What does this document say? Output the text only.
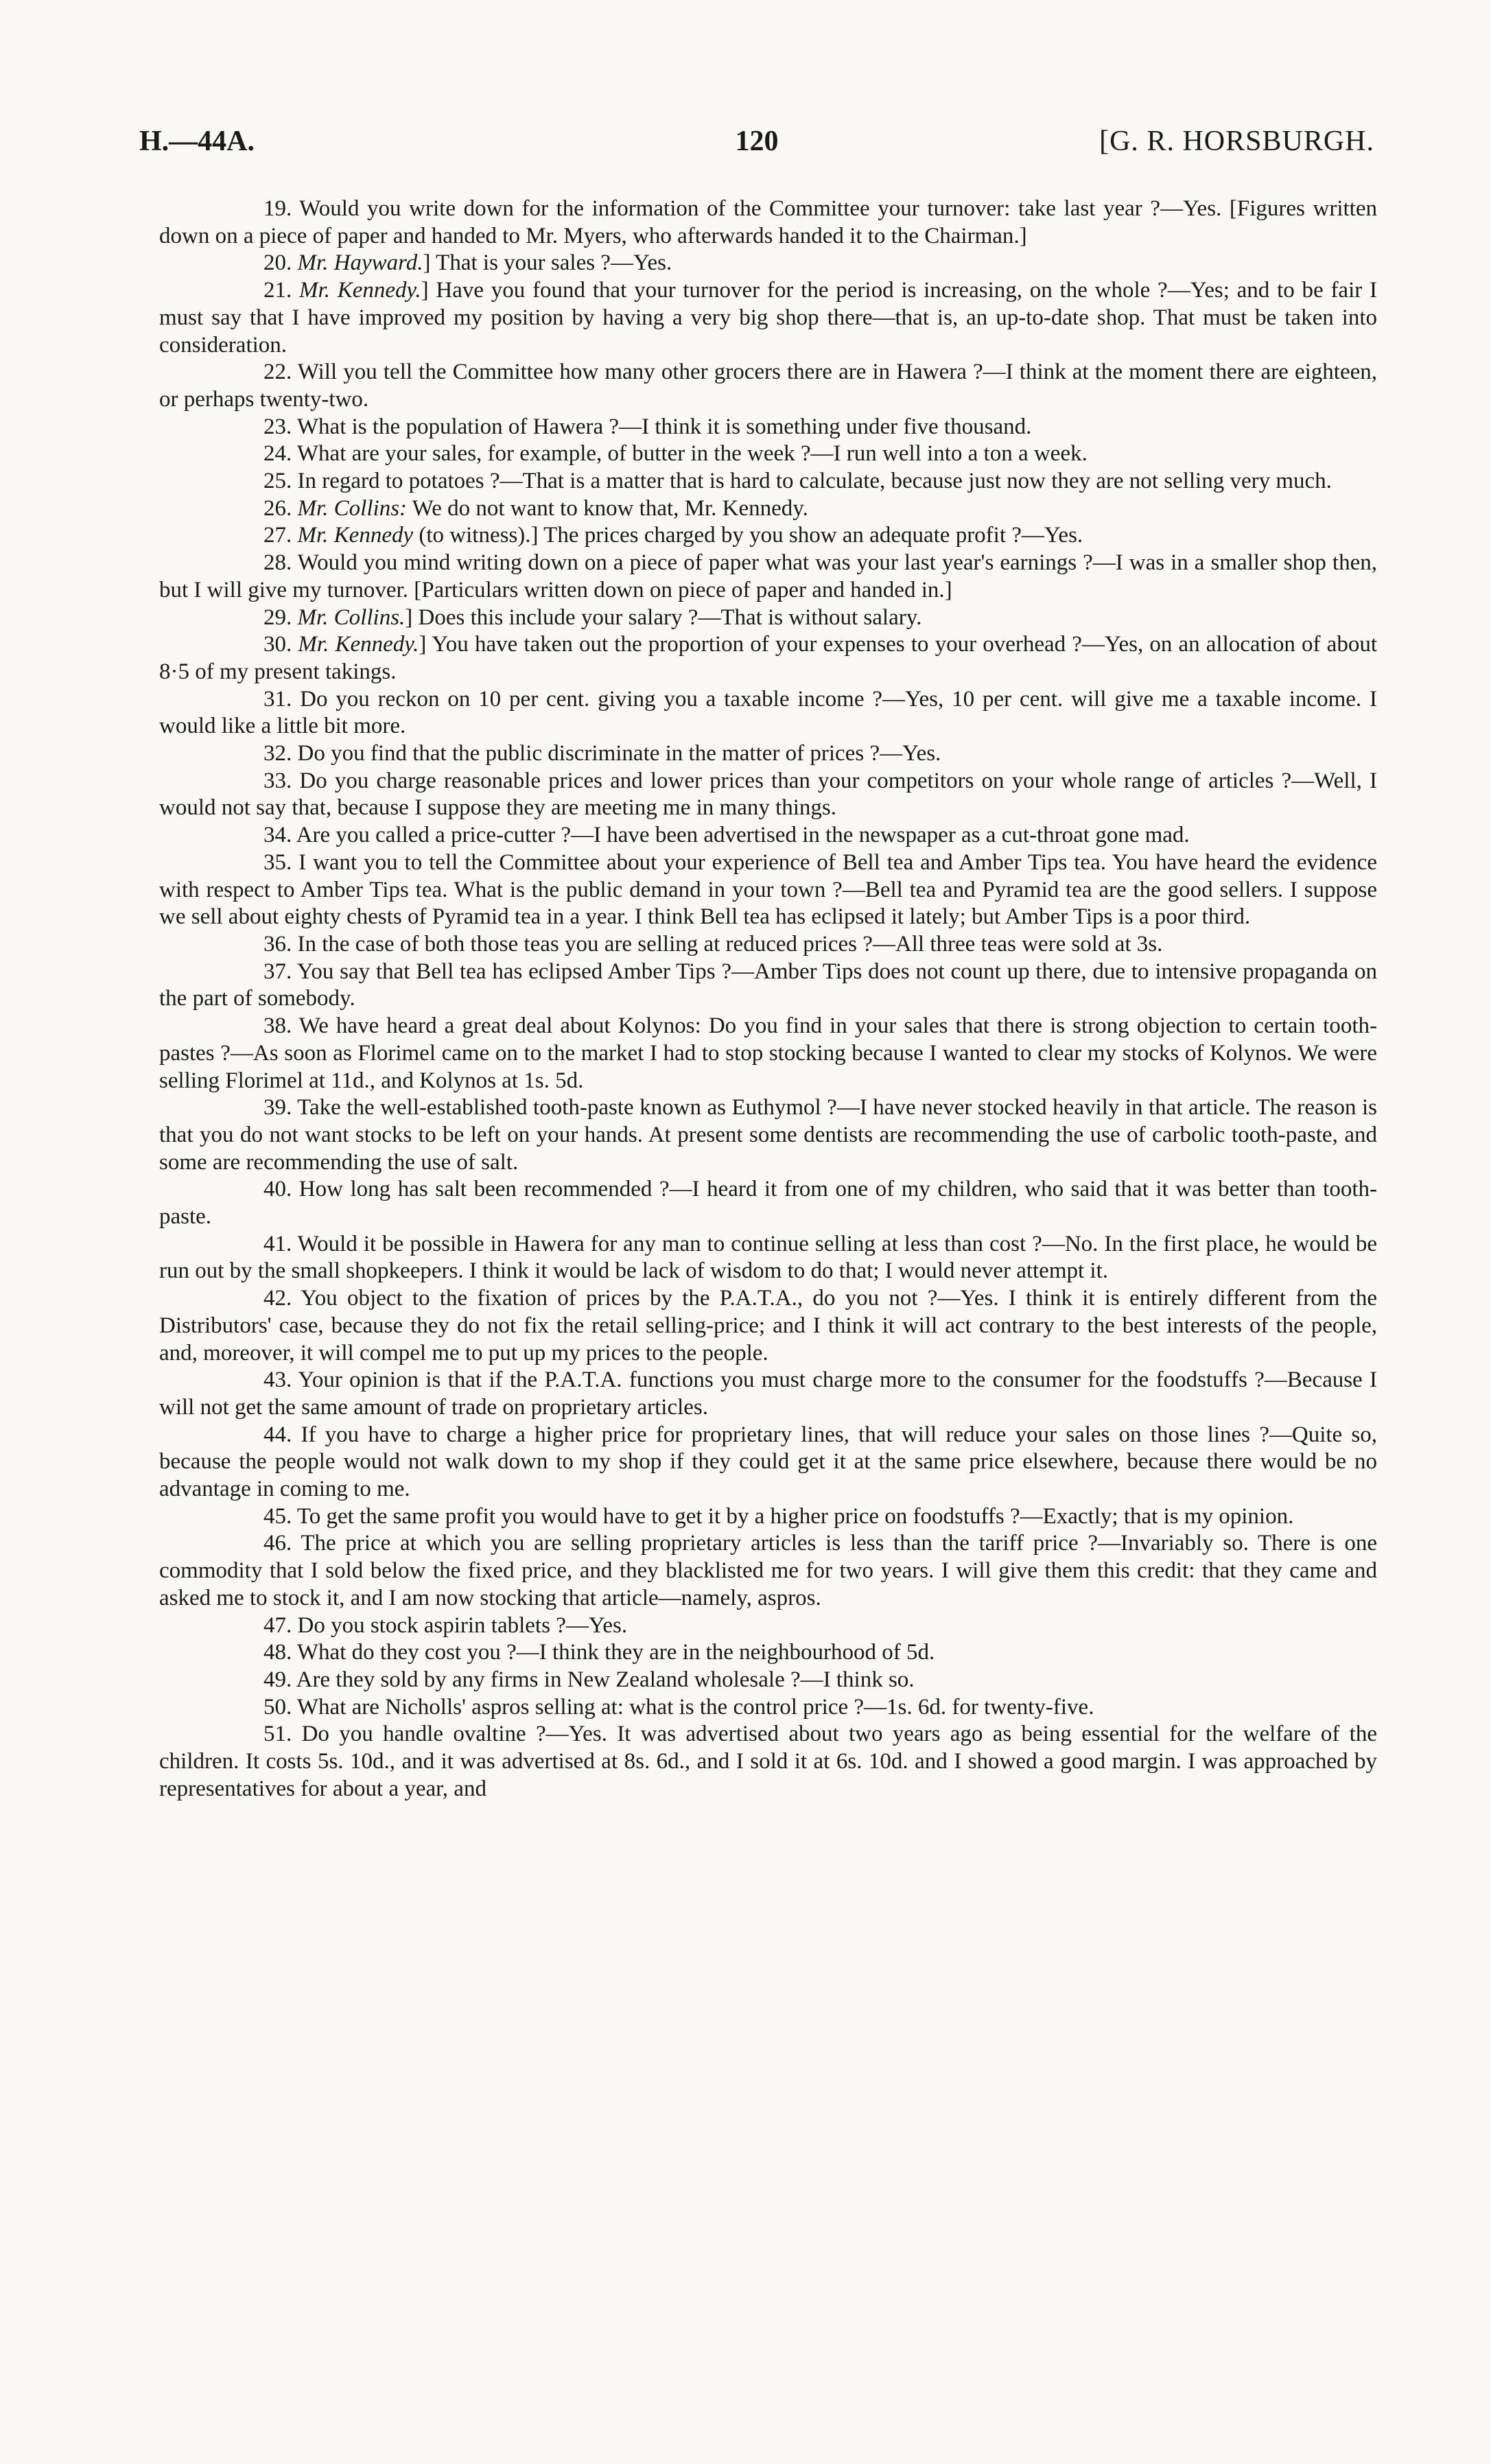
H.—44A.	120	[G. R. HORSBURGH.

19. Would you write down for the information of the Committee your turnover: take last year ?—Yes. [Figures written down on a piece of paper and handed to Mr. Myers, who afterwards handed it to the Chairman.]

20. Mr. Hayward.] That is your sales ?—Yes.

21. Mr. Kennedy.] Have you found that your turnover for the period is increasing, on the whole ?—Yes; and to be fair I must say that I have improved my position by having a very big shop there—that is, an up-to-date shop. That must be taken into consideration.

22. Will you tell the Committee how many other grocers there are in Hawera ?—I think at the moment there are eighteen, or perhaps twenty-two.

23. What is the population of Hawera ?—I think it is something under five thousand.

24. What are your sales, for example, of butter in the week ?—I run well into a ton a week.

25. In regard to potatoes ?—That is a matter that is hard to calculate, because just now they are not selling very much.

26. Mr. Collins: We do not want to know that, Mr. Kennedy.

27. Mr. Kennedy (to witness).] The prices charged by you show an adequate profit ?—Yes.

28. Would you mind writing down on a piece of paper what was your last year's earnings ?—I was in a smaller shop then, but I will give my turnover. [Particulars written down on piece of paper and handed in.]

29. Mr. Collins.] Does this include your salary ?—That is without salary.

30. Mr. Kennedy.] You have taken out the proportion of your expenses to your overhead ?—Yes, on an allocation of about 8·5 of my present takings.

31. Do you reckon on 10 per cent. giving you a taxable income ?—Yes, 10 per cent. will give me a taxable income. I would like a little bit more.

32. Do you find that the public discriminate in the matter of prices ?—Yes.

33. Do you charge reasonable prices and lower prices than your competitors on your whole range of articles ?—Well, I would not say that, because I suppose they are meeting me in many things.

34. Are you called a price-cutter ?—I have been advertised in the newspaper as a cut-throat gone mad.

35. I want you to tell the Committee about your experience of Bell tea and Amber Tips tea. You have heard the evidence with respect to Amber Tips tea. What is the public demand in your town ?—Bell tea and Pyramid tea are the good sellers. I suppose we sell about eighty chests of Pyramid tea in a year. I think Bell tea has eclipsed it lately; but Amber Tips is a poor third.

36. In the case of both those teas you are selling at reduced prices ?—All three teas were sold at 3s.

37. You say that Bell tea has eclipsed Amber Tips ?—Amber Tips does not count up there, due to intensive propaganda on the part of somebody.

38. We have heard a great deal about Kolynos: Do you find in your sales that there is strong objection to certain tooth-pastes ?—As soon as Florimel came on to the market I had to stop stocking because I wanted to clear my stocks of Kolynos. We were selling Florimel at 11d., and Kolynos at 1s. 5d.

39. Take the well-established tooth-paste known as Euthymol ?—I have never stocked heavily in that article. The reason is that you do not want stocks to be left on your hands. At present some dentists are recommending the use of carbolic tooth-paste, and some are recommending the use of salt.

40. How long has salt been recommended ?—I heard it from one of my children, who said that it was better than tooth-paste.

41. Would it be possible in Hawera for any man to continue selling at less than cost ?—No. In the first place, he would be run out by the small shopkeepers. I think it would be lack of wisdom to do that; I would never attempt it.

42. You object to the fixation of prices by the P.A.T.A., do you not ?—Yes. I think it is entirely different from the Distributors' case, because they do not fix the retail selling-price; and I think it will act contrary to the best interests of the people, and, moreover, it will compel me to put up my prices to the people.

43. Your opinion is that if the P.A.T.A. functions you must charge more to the consumer for the foodstuffs ?—Because I will not get the same amount of trade on proprietary articles.

44. If you have to charge a higher price for proprietary lines, that will reduce your sales on those lines ?—Quite so, because the people would not walk down to my shop if they could get it at the same price elsewhere, because there would be no advantage in coming to me.

45. To get the same profit you would have to get it by a higher price on foodstuffs ?—Exactly; that is my opinion.

46. The price at which you are selling proprietary articles is less than the tariff price ?—Invariably so. There is one commodity that I sold below the fixed price, and they blacklisted me for two years. I will give them this credit: that they came and asked me to stock it, and I am now stocking that article—namely, aspros.

47. Do you stock aspirin tablets ?—Yes.

48. What do they cost you ?—I think they are in the neighbourhood of 5d.

49. Are they sold by any firms in New Zealand wholesale ?—I think so.

50. What are Nicholls' aspros selling at: what is the control price ?—1s. 6d. for twenty-five.

51. Do you handle ovaltine ?—Yes. It was advertised about two years ago as being essential for the welfare of the children. It costs 5s. 10d., and it was advertised at 8s. 6d., and I sold it at 6s. 10d. and I showed a good margin. I was approached by representatives for about a year, and
